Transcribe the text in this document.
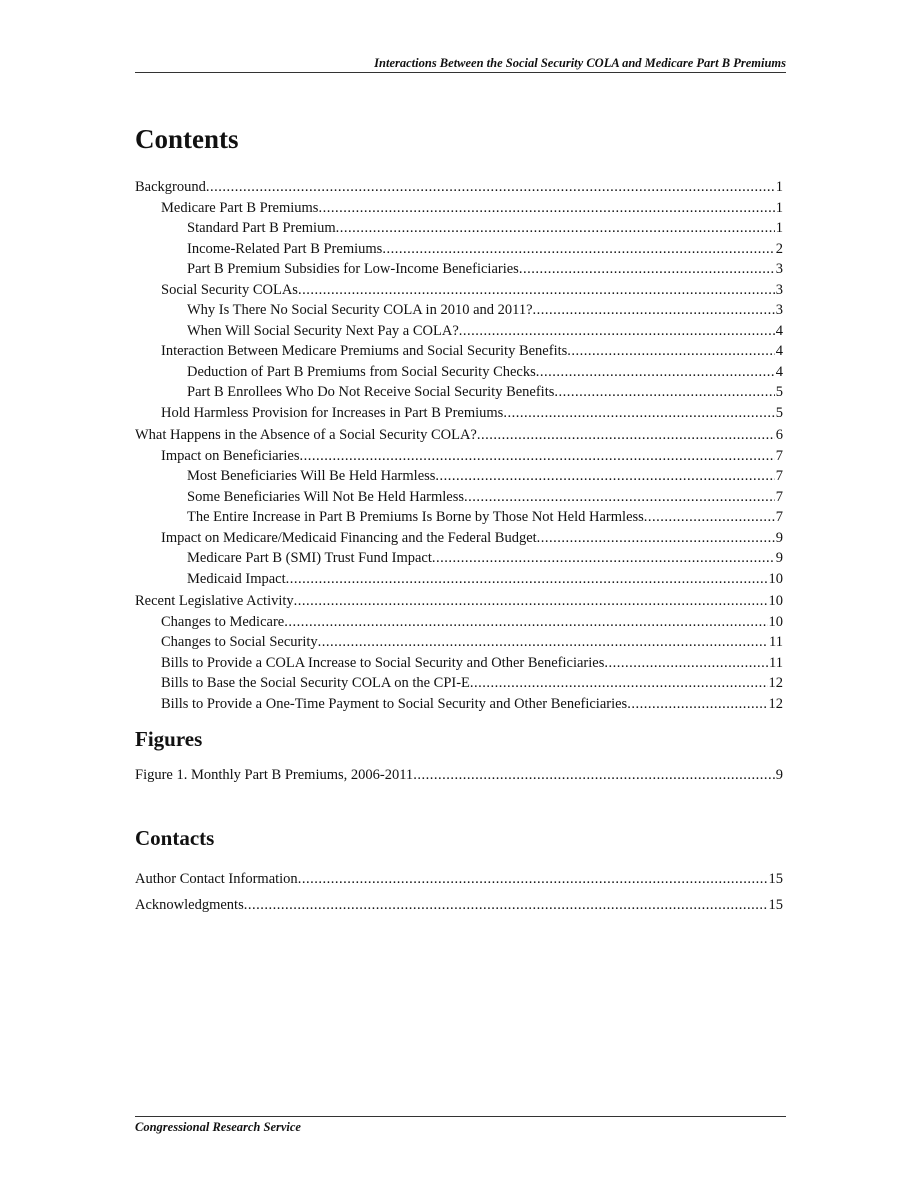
Interactions Between the Social Security COLA and Medicare Part B Premiums
Contents
Background .....	1
Medicare Part B Premiums .....	1
Standard Part B Premium .....	1
Income-Related Part B Premiums .....	2
Part B Premium Subsidies for Low-Income Beneficiaries .....	3
Social Security COLAs .....	3
Why Is There No Social Security COLA in 2010 and 2011? .....	3
When Will Social Security Next Pay a COLA? .....	4
Interaction Between Medicare Premiums and Social Security Benefits .....	4
Deduction of Part B Premiums from Social Security Checks .....	4
Part B Enrollees Who Do Not Receive Social Security Benefits .....	5
Hold Harmless Provision for Increases in Part B Premiums .....	5
What Happens in the Absence of a Social Security COLA? .....	6
Impact on Beneficiaries .....	7
Most Beneficiaries Will Be Held Harmless .....	7
Some Beneficiaries Will Not Be Held Harmless .....	7
The Entire Increase in Part B Premiums Is Borne by Those Not Held Harmless .....	7
Impact on Medicare/Medicaid Financing and the Federal Budget .....	9
Medicare Part B (SMI) Trust Fund Impact .....	9
Medicaid Impact .....	10
Recent Legislative Activity .....	10
Changes to Medicare .....	10
Changes to Social Security .....	11
Bills to Provide a COLA Increase to Social Security and Other Beneficiaries .....	11
Bills to Base the Social Security COLA on the CPI-E .....	12
Bills to Provide a One-Time Payment to Social Security and Other Beneficiaries .....	12
Figures
Figure 1. Monthly Part B Premiums, 2006-2011 .....	9
Contacts
Author Contact Information .....	15
Acknowledgments .....	15
Congressional Research Service
